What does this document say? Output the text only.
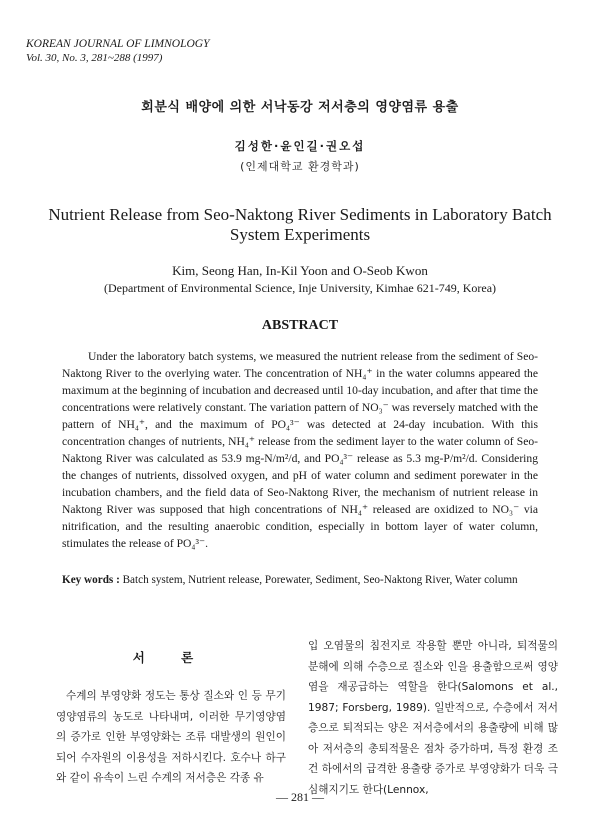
KOREAN JOURNAL OF LIMNOLOGY
Vol. 30, No. 3, 281~288 (1997)
회분식 배양에 의한 서낙동강 저서층의 영양염류 용출
김성한·윤인길·권오섭
(인제대학교 환경학과)
Nutrient Release from Seo-Naktong River Sediments in Laboratory Batch System Experiments
Kim, Seong Han, In-Kil Yoon and O-Seob Kwon
(Department of Environmental Science, Inje University, Kimhae 621-749, Korea)
ABSTRACT

Under the laboratory batch systems, we measured the nutrient release from the sediment of Seo-Naktong River to the overlying water. The concentration of NH₄⁺ in the water columns appeared the maximum at the beginning of incubation and decreased until 10-day incubation, and after that time the concentrations were relatively constant. The variation pattern of NO₃⁻ was reversely matched with the pattern of NH₄⁺, and the maximum of PO₄³⁻ was detected at 24-day incubation. With this concentration changes of nutrients, NH₄⁺ release from the sediment layer to the water column of Seo-Naktong River was calculated as 53.9 mg-N/m²/d, and PO₄³⁻ release as 5.3 mg-P/m²/d. Considering the changes of nutrients, dissolved oxygen, and pH of water column and sediment porewater in the incubation chambers, and the field data of Seo-Naktong River, the mechanism of nutrient release in Naktong River was supposed that high concentrations of NH₄⁺ released are oxidized to NO₃⁻ via nitrification, and the resulting anaerobic condition, especially in bottom layer of water column, stimulates the release of PO₄³⁻.

Key words : Batch system, Nutrient release, Porewater, Sediment, Seo-Naktong River, Water column
서 론

수계의 부영양화 정도는 통상 질소와 인 등 무기영양염류의 농도로 나타내며, 이러한 무기영양염의 증가로 인한 부영양화는 조류 대발생의 원인이 되어 수자원의 이용성을 저하시킨다. 호수나 하구와 같이 유속이 느린 수계의 저서층은 각종 유

입 오염물의 침전지로 작용할 뿐만 아니라, 퇴적물의 분해에 의해 수층으로 질소와 인을 용출함으로써 영양염을 재공급하는 역할을 한다(Salomons et al., 1987; Forsberg, 1989). 일반적으로, 수층에서 저서층으로 퇴적되는 양은 저서층에서의 용출량에 비해 많아 저서층의 총퇴적물은 점차 증가하며, 특정 환경 조건 하에서의 급격한 용출량 증가로 부영양화가 더욱 극심해지기도 한다(Lennox,

— 281 —
